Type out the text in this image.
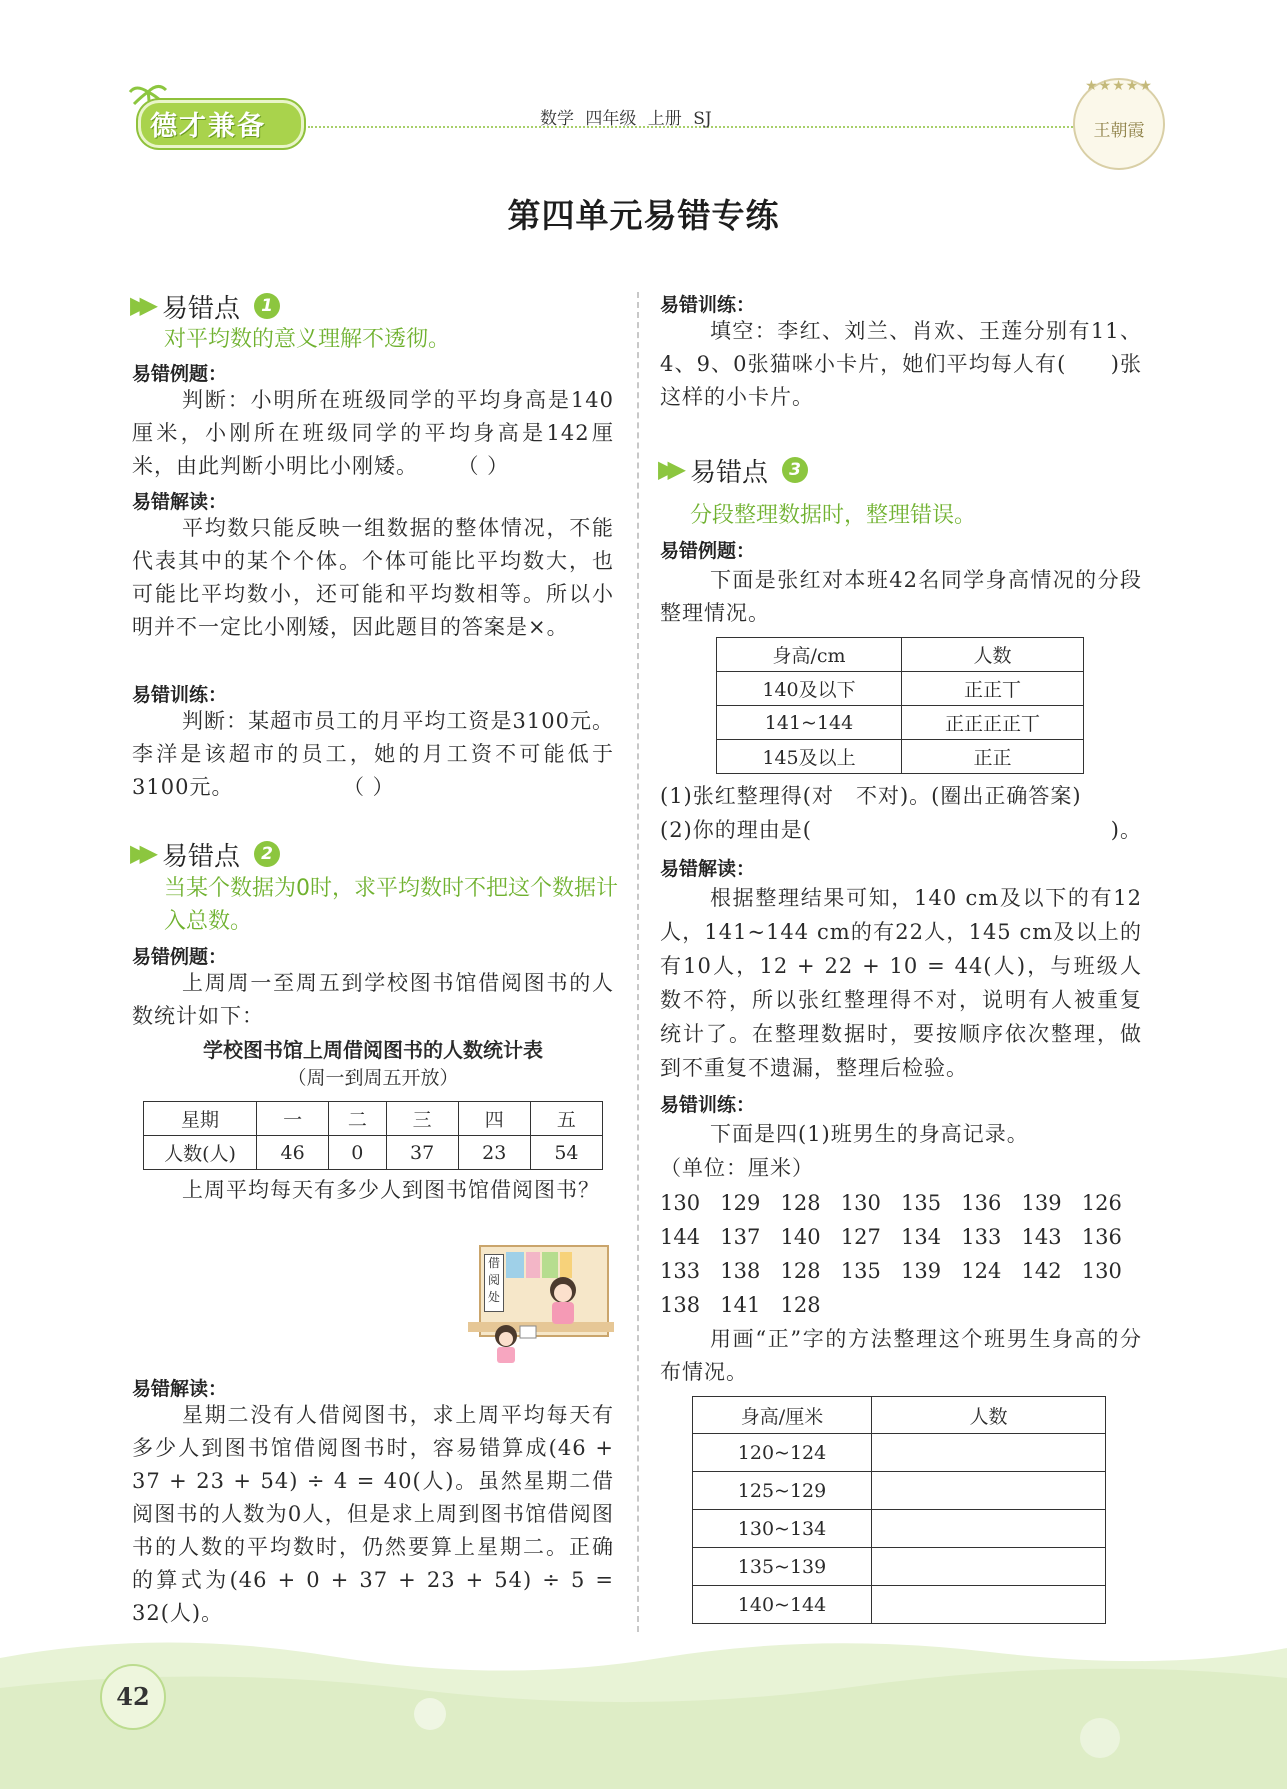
德才兼备	数学 四年级 上册 SJ
★★★★★
王朝霞
第四单元易错专练
▶▶ 易错点	1
对平均数的意义理解不透彻。
易错例题：
判断：小明所在班级同学的平均身高是140厘米，小刚所在班级同学的平均身高是142厘米，由此判断小明比小刚矮。 （ ）
易错解读：
平均数只能反映一组数据的整体情况，不能代表其中的某个个体。个体可能比平均数大，也可能比平均数小，还可能和平均数相等。所以小明并不一定比小刚矮，因此题目的答案是×。
易错训练：
判断：某超市员工的月平均工资是3100元。李洋是该超市的员工，她的月工资不可能低于3100元。	（ ）
▶▶ 易错点	2
当某个数据为0时，求平均数时不把这个数据计入总数。
易错例题：
上周周一至周五到学校图书馆借阅图书的人数统计如下：
学校图书馆上周借阅图书的人数统计表
（周一到周五开放）
星期	一	二	三	四	五
人数(人)	46	0	37	23	54
上周平均每天有多少人到图书馆借阅图书？
借阅处
易错解读：
星期二没有人借阅图书，求上周平均每天有多少人到图书馆借阅图书时，容易错算成(46 + 37 + 23 + 54) ÷ 4 = 40(人)。虽然星期二借阅图书的人数为0人，但是求上周到图书馆借阅图书的人数的平均数时，仍然要算上星期二。正确的算式为(46 + 0 + 37 + 23 + 54) ÷ 5 = 32(人)。
易错训练：
填空：李红、刘兰、肖欢、王莲分别有11、4、9、0张猫咪小卡片，她们平均每人有(　　)张这样的小卡片。
▶▶ 易错点	3
分段整理数据时，整理错误。
易错例题：
下面是张红对本班42名同学身高情况的分段整理情况。
身高/cm	人数
140及以下	正正丅
141~144	正正正正丅
145及以上	正正
(1)张红整理得(对　不对)。(圈出正确答案)
(2)你的理由是(	)。
易错解读：
根据整理结果可知，140 cm及以下的有12人，141~144 cm的有22人，145 cm及以上的有10人，12 + 22 + 10 = 44(人)，与班级人数不符，所以张红整理得不对，说明有人被重复统计了。在整理数据时，要按顺序依次整理，做到不重复不遗漏，整理后检验。
易错训练：
下面是四(1)班男生的身高记录。
（单位：厘米）
130 129 128 130 135 136 139 126
144 137 140 127 134 133 143 136
133 138 128 135 139 124 142 130
138 141 128
用画“正”字的方法整理这个班男生身高的分布情况。
身高/厘米	人数
120~124	
125~129	
130~134	
135~139	
140~144	
42
